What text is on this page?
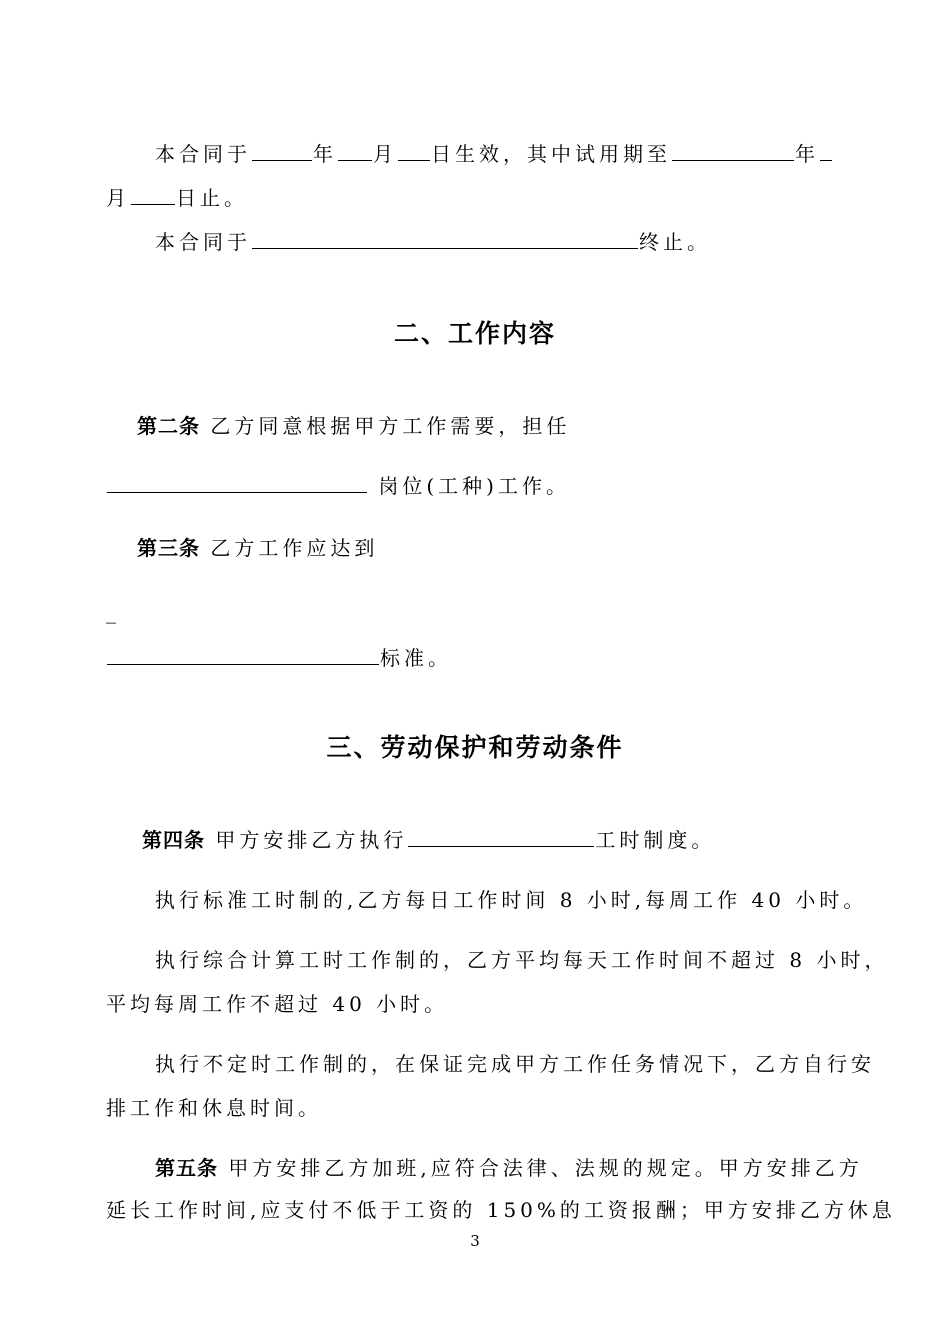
本合同于	年 月 日生效，其中试用期至	年
月 日止。
本合同于	终止。
二、工作内容
第二条 乙方同意根据甲方工作需要，担任
岗位(工种)工作。
第三条 乙方工作应达到
_
标准。
三、劳动保护和劳动条件
第四条 甲方安排乙方执行	工时制度。
执行标准工时制的,乙方每日工作时间 8 小时,每周工作 40 小时。
执行综合计算工时工作制的，乙方平均每天工作时间不超过 8 小时，
平均每周工作不超过 40 小时。
执行不定时工作制的，在保证完成甲方工作任务情况下，乙方自行安
排工作和休息时间。
第五条 甲方安排乙方加班,应符合法律、法规的规定。甲方安排乙方
延长工作时间,应支付不低于工资的 150%的工资报酬；甲方安排乙方休息
3
